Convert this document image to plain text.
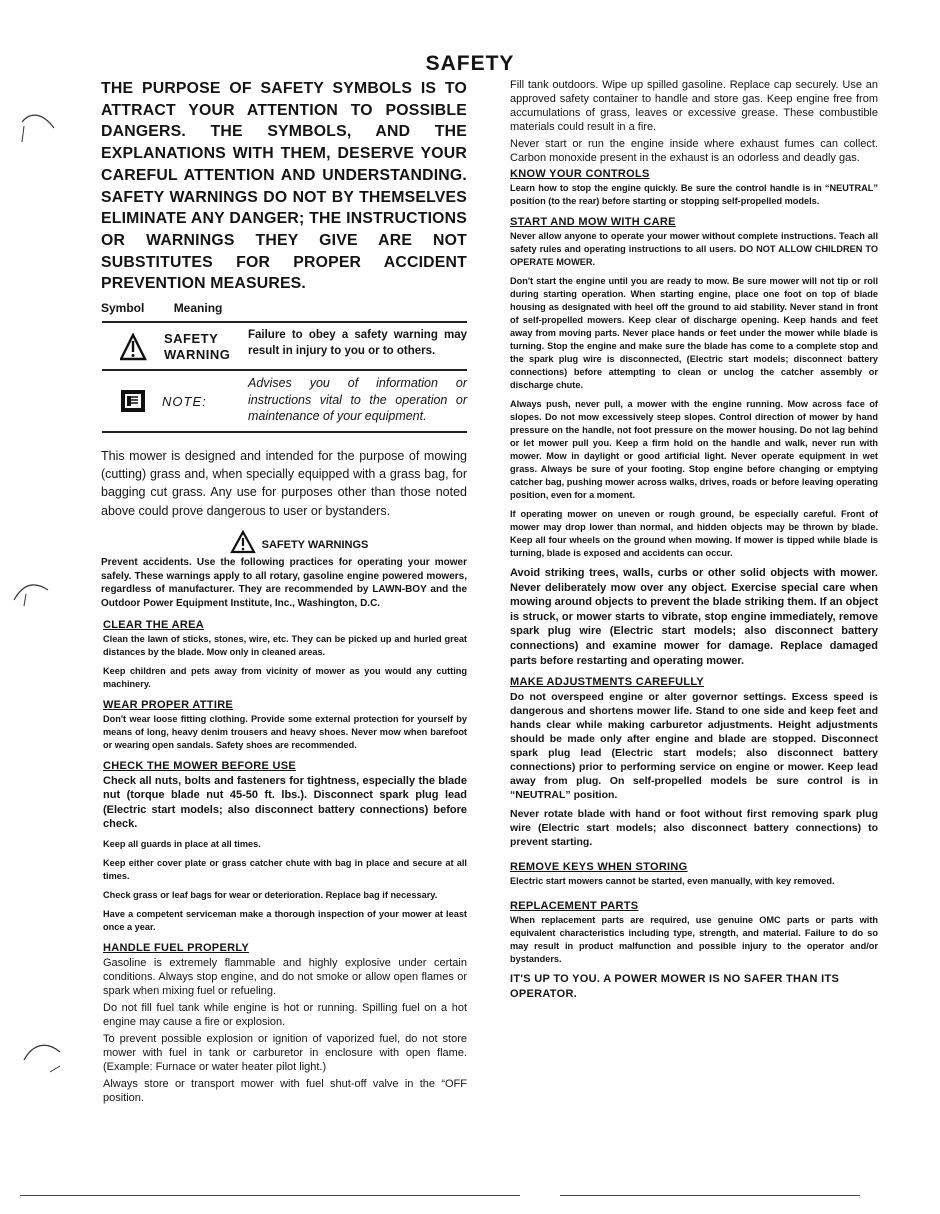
SAFETY

THE PURPOSE OF SAFETY SYMBOLS IS TO ATTRACT YOUR ATTENTION TO POSSIBLE DANGERS. THE SYMBOLS, AND THE EXPLANATIONS WITH THEM, DESERVE YOUR CAREFUL ATTENTION AND UNDERSTANDING. SAFETY WARNINGS DO NOT BY THEMSELVES ELIMINATE ANY DANGER; THE INSTRUCTIONS OR WARNINGS THEY GIVE ARE NOT SUBSTITUTES FOR PROPER ACCIDENT PREVENTION MEASURES.

Symbol Meaning
SAFETY
WARNING
Failure to obey a safety warning may result in injury to you or to others.
NOTE:
Advises you of information or instructions vital to the operation or maintenance of your equipment.

This mower is designed and intended for the purpose of mowing (cutting) grass and, when specially equipped with a grass bag, for bagging cut grass. Any use for purposes other than those noted above could prove dangerous to user or bystanders.

SAFETY WARNINGS

Prevent accidents. Use the following practices for operating your mower safely. These warnings apply to all rotary, gasoline engine powered mowers, regardless of manufacturer. They are recommended by LAWN-BOY and the Outdoor Power Equipment Institute, Inc., Washington, D.C.

CLEAR THE AREA

Clean the lawn of sticks, stones, wire, etc. They can be picked up and hurled great distances by the blade. Mow only in cleaned areas.

Keep children and pets away from vicinity of mower as you would any cutting machinery.

WEAR PROPER ATTIRE

Don't wear loose fitting clothing. Provide some external protection for yourself by means of long, heavy denim trousers and heavy shoes. Never mow when barefoot or wearing open sandals. Safety shoes are recommended.

CHECK THE MOWER BEFORE USE

Check all nuts, bolts and fasteners for tightness, especially the blade nut (torque blade nut 45-50 ft. lbs.). Disconnect spark plug lead (Electric start models; also disconnect battery connections) before check.

Keep all guards in place at all times.

Keep either cover plate or grass catcher chute with bag in place and secure at all times.

Check grass or leaf bags for wear or deterioration. Replace bag if necessary.

Have a competent serviceman make a thorough inspection of your mower at least once a year.

HANDLE FUEL PROPERLY

Gasoline is extremely flammable and highly explosive under certain conditions. Always stop engine, and do not smoke or allow open flames or spark when mixing fuel or refueling.

Do not fill fuel tank while engine is hot or running. Spilling fuel on a hot engine may cause a fire or explosion.

To prevent possible explosion or ignition of vaporized fuel, do not store mower with fuel in tank or carburetor in enclosure with open flame. (Example: Furnace or water heater pilot light.)

Always store or transport mower with fuel shut-off valve in the “OFF position.

Fill tank outdoors. Wipe up spilled gasoline. Replace cap securely. Use an approved safety container to handle and store gas. Keep engine free from accumulations of grass, leaves or excessive grease. These combustible materials could result in a fire.

Never start or run the engine inside where exhaust fumes can collect. Carbon monoxide present in the exhaust is an odorless and deadly gas.

KNOW YOUR CONTROLS

Learn how to stop the engine quickly. Be sure the control handle is in “NEUTRAL” position (to the rear) before starting or stopping self-propelled models.

START AND MOW WITH CARE

Never allow anyone to operate your mower without complete instructions. Teach all safety rules and operating instructions to all users. DO NOT ALLOW CHILDREN TO OPERATE MOWER.

Don't start the engine until you are ready to mow. Be sure mower will not tip or roll during starting operation. When starting engine, place one foot on top of blade housing as designated with heel off the ground to aid stability. Never stand in front of self-propelled mowers. Keep clear of discharge opening. Keep hands and feet away from moving parts. Never place hands or feet under the mower while blade is turning. Stop the engine and make sure the blade has come to a complete stop and the spark plug wire is disconnected, (Electric start models; disconnect battery connections) before attempting to clean or unclog the catcher assembly or discharge chute.

Always push, never pull, a mower with the engine running. Mow across face of slopes. Do not mow excessively steep slopes. Control direction of mower by hand pressure on the handle, not foot pressure on the mower housing. Do not lag behind or let mower pull you. Keep a firm hold on the handle and walk, never run with mower. Mow in daylight or good artificial light. Never operate equipment in wet grass. Always be sure of your footing. Stop engine before changing or emptying catcher bag, pushing mower across walks, drives, roads or before leaving operating position, even for a moment.

If operating mower on uneven or rough ground, be especially careful. Front of mower may drop lower than normal, and hidden objects may be thrown by blade. Keep all four wheels on the ground when mowing. If mower is tipped while blade is turning, blade is exposed and accidents can occur.

Avoid striking trees, walls, curbs or other solid objects with mower. Never deliberately mow over any object. Exercise special care when mowing around objects to prevent the blade striking them. If an object is struck, or mower starts to vibrate, stop engine immediately, remove spark plug wire (Electric start models; also disconnect battery connections) and examine mower for damage. Replace damaged parts before restarting and operating mower.

MAKE ADJUSTMENTS CAREFULLY

Do not overspeed engine or alter governor settings. Excess speed is dangerous and shortens mower life. Stand to one side and keep feet and hands clear while making carburetor adjustments. Height adjustments should be made only after engine and blade are stopped. Disconnect spark plug lead (Electric start models; also disconnect battery connections) prior to performing service on engine or mower. Keep lead away from plug. On self-propelled models be sure control is in “NEUTRAL” position.

Never rotate blade with hand or foot without first removing spark plug wire (Electric start models; also disconnect battery connections) to prevent starting.

REMOVE KEYS WHEN STORING

Electric start mowers cannot be started, even manually, with key removed.

REPLACEMENT PARTS

When replacement parts are required, use genuine OMC parts or parts with equivalent characteristics including type, strength, and material. Failure to do so may result in product malfunction and possible injury to the operator and/or bystanders.

IT'S UP TO YOU. A POWER MOWER IS NO SAFER THAN ITS OPERATOR.
